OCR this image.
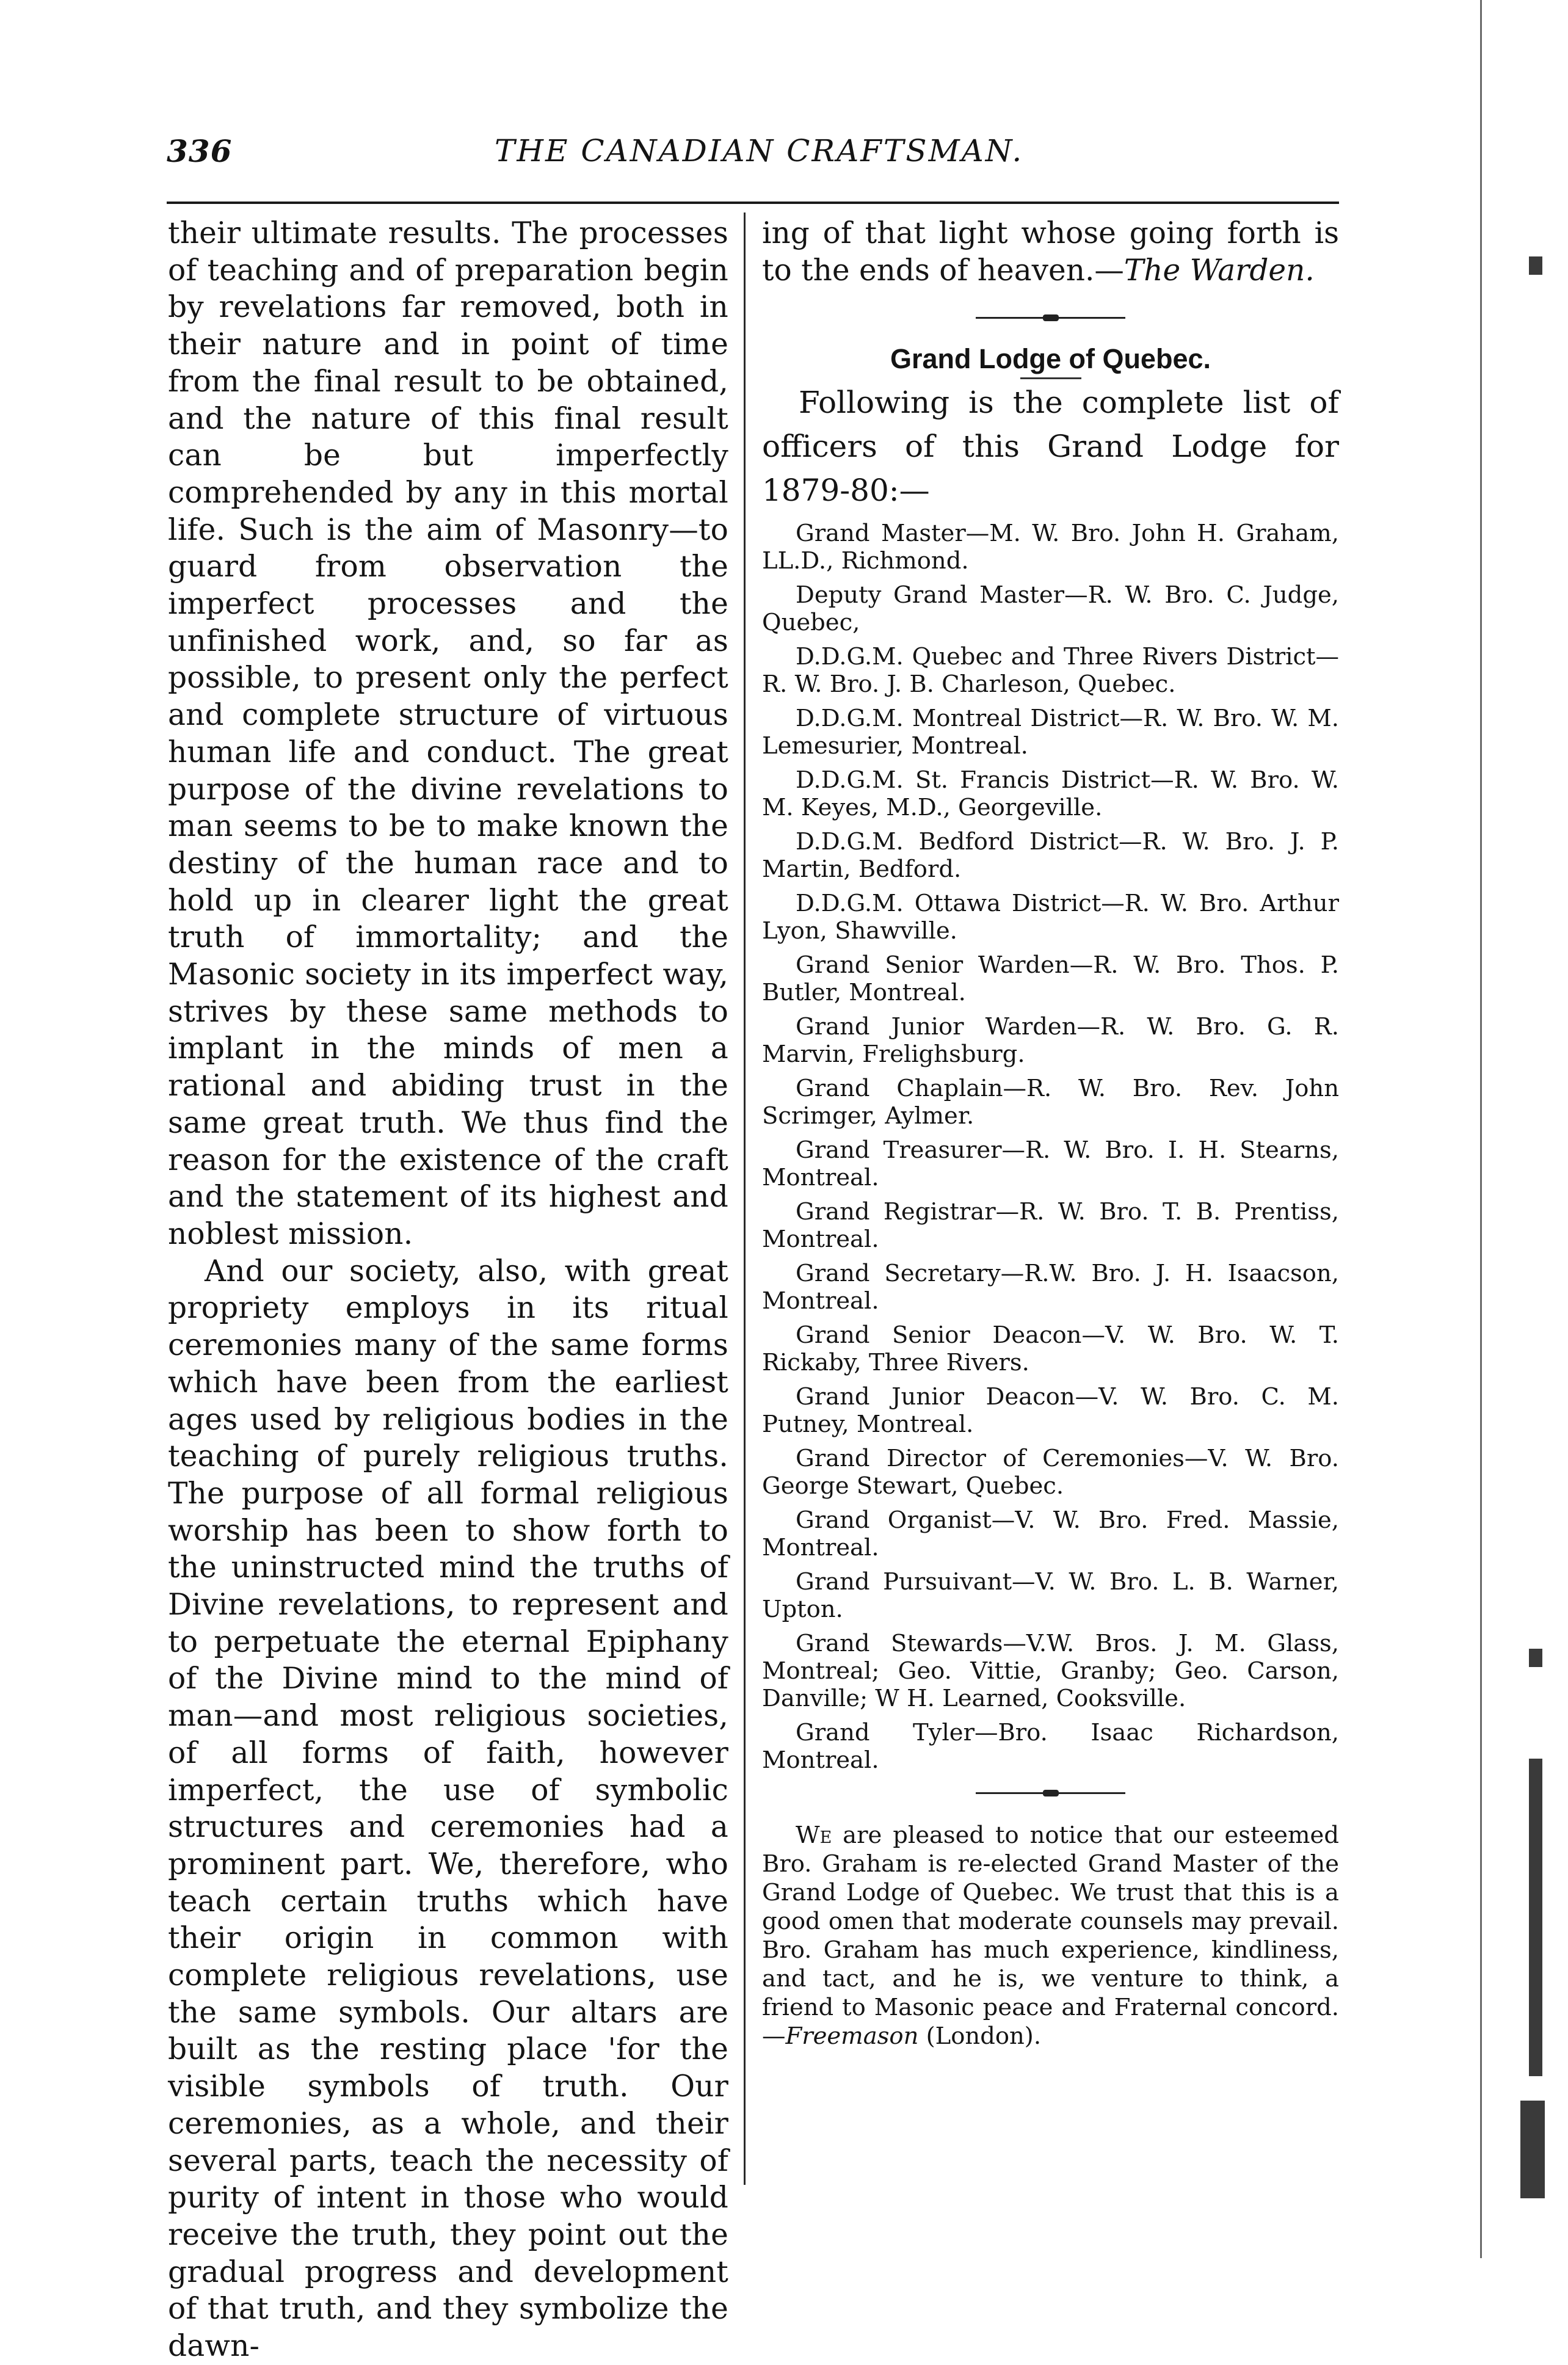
336	THE CANADIAN CRAFTSMAN.

their ultimate results. The processes of teaching and of preparation begin by revelations far removed, both in their nature and in point of time from the final result to be obtained, and the nature of this final result can be but imperfectly comprehended by any in this mortal life. Such is the aim of Masonry—to guard from observation the imperfect processes and the unfinished work, and, so far as possible, to present only the perfect and complete structure of virtuous human life and conduct. The great purpose of the divine revelations to man seems to be to make known the destiny of the human race and to hold up in clearer light the great truth of immortality; and the Masonic society in its imperfect way, strives by these same methods to implant in the minds of men a rational and abiding trust in the same great truth. We thus find the reason for the existence of the craft and the statement of its highest and noblest mission.

And our society, also, with great propriety employs in its ritual ceremonies many of the same forms which have been from the earliest ages used by religious bodies in the teaching of purely religious truths. The purpose of all formal religious worship has been to show forth to the uninstructed mind the truths of Divine revelations, to represent and to perpetuate the eternal Epiphany of the Divine mind to the mind of man—and most religious societies, of all forms of faith, however imperfect, the use of symbolic structures and ceremonies had a prominent part. We, therefore, who teach certain truths which have their origin in common with complete religious revelations, use the same symbols. Our altars are built as the resting place 'for the visible symbols of truth. Our ceremonies, as a whole, and their several parts, teach the necessity of purity of intent in those who would receive the truth, they point out the gradual progress and development of that truth, and they symbolize the dawn-

ing of that light whose going forth is to the ends of heaven.—The Warden.

Grand Lodge of Quebec.

Following is the complete list of officers of this Grand Lodge for 1879-80:—

Grand Master—M. W. Bro. John H. Graham, LL.D., Richmond.

Deputy Grand Master—R. W. Bro. C. Judge, Quebec,

D.D.G.M. Quebec and Three Rivers District—R. W. Bro. J. B. Charleson, Quebec.

D.D.G.M. Montreal District—R. W. Bro. W. M. Lemesurier, Montreal.

D.D.G.M. St. Francis District—R. W. Bro. W. M. Keyes, M.D., Georgeville.

D.D.G.M. Bedford District—R. W. Bro. J. P. Martin, Bedford.

D.D.G.M. Ottawa District—R. W. Bro. Arthur Lyon, Shawville.

Grand Senior Warden—R. W. Bro. Thos. P. Butler, Montreal.

Grand Junior Warden—R. W. Bro. G. R. Marvin, Frelighsburg.

Grand Chaplain—R. W. Bro. Rev. John Scrimger, Aylmer.

Grand Treasurer—R. W. Bro. I. H. Stearns, Montreal.

Grand Registrar—R. W. Bro. T. B. Prentiss, Montreal.

Grand Secretary—R.W. Bro. J. H. Isaacson, Montreal.

Grand Senior Deacon—V. W. Bro. W. T. Rickaby, Three Rivers.

Grand Junior Deacon—V. W. Bro. C. M. Putney, Montreal.

Grand Director of Ceremonies—V. W. Bro. George Stewart, Quebec.

Grand Organist—V. W. Bro. Fred. Massie, Montreal.

Grand Pursuivant—V. W. Bro. L. B. Warner, Upton.

Grand Stewards—V.W. Bros. J. M. Glass, Montreal; Geo. Vittie, Granby; Geo. Carson, Danville; W H. Learned, Cooksville.

Grand Tyler—Bro. Isaac Richardson, Montreal.

We are pleased to notice that our esteemed Bro. Graham is re-elected Grand Master of the Grand Lodge of Quebec. We trust that this is a good omen that moderate counsels may prevail. Bro. Graham has much experience, kindliness, and tact, and he is, we venture to think, a friend to Masonic peace and Fraternal concord.—Freemason (London).
